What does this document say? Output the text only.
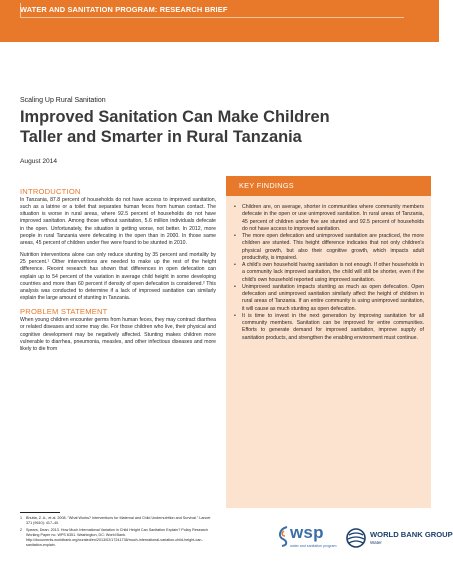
WATER AND SANITATION PROGRAM: RESEARCH BRIEF
Scaling Up Rural Sanitation
Improved Sanitation Can Make Children Taller and Smarter in Rural Tanzania
August 2014
INTRODUCTION

In Tanzania, 87.8 percent of households do not have access to improved sanitation, such as a latrine or a toilet that separates human feces from human contact. The situation is worse in rural areas, where 92.5 percent of households do not have improved sanitation. Among those without sanitation, 5.6 million individuals defecate in the open. Unfortunately, the situation is getting worse, not better. In 2012, more people in rural Tanzania were defecating in the open than in 2000. In those same areas, 45 percent of children under five were found to be stunted in 2010.

Nutrition interventions alone can only reduce stunting by 35 percent and mortality by 25 percent.¹ Other interventions are needed to make up the rest of the height difference. Recent research has shown that differences in open defecation can explain up to 54 percent of the variation in average child height in some developing countries and more than 60 percent if density of open defecation is considered.² This analysis was conducted to determine if a lack of improved sanitation can similarly explain the large amount of stunting in Tanzania.

PROBLEM STATEMENT

When young children encounter germs from human feces, they may contract diarrhea or related diseases and some may die. For those children who live, their physical and cognitive development may be negatively affected. Stunting makes children more vulnerable to diarrhea, pneumonia, measles, and other infectious diseases and more likely to die from

KEY FINDINGS
• Children are, on average, shorter in communities where community members defecate in the open or use unimproved sanitation. In rural areas of Tanzania, 45 percent of children under five are stunted and 92.5 percent of households do not have access to improved sanitation.
• The more open defecation and unimproved sanitation are practiced, the more children are stunted. This height difference indicates that not only children's physical growth, but also their cognitive growth, which impacts adult productivity, is impaired.
• A child's own household having sanitation is not enough. If other households in a community lack improved sanitation, the child will still be shorter, even if the child's own household reported using improved sanitation.
• Unimproved sanitation impacts stunting as much as open defecation. Open defecation and unimproved sanitation similarly affect the height of children in rural areas of Tanzania. If an entire community is using unimproved sanitation, it will cause as much stunting as open defecation.
• It is time to invest in the next generation by improving sanitation for all community members. Sanitation can be improved for entire communities. Efforts to generate demand for improved sanitation, improve supply of sanitation products, and strengthen the enabling environment must continue.
1 Bhutta, Z. A., et al. 2008. "What Works? Interventions for Maternal and Child Undernutrition and Survival." Lancet 371 (9610): 417–40.
2 Spears, Dean. 2013. How Much International Variation in Child Height Can Sanitation Explain? Policy Research Working Paper no. WPS 6351. Washington, DC: World Bank. http://documents.worldbank.org/curated/en/2013/02/17241738/much-international-variation-child-height-can-sanitation-explain.
wsp
water and sanitation program
WORLD BANK GROUP
Water
